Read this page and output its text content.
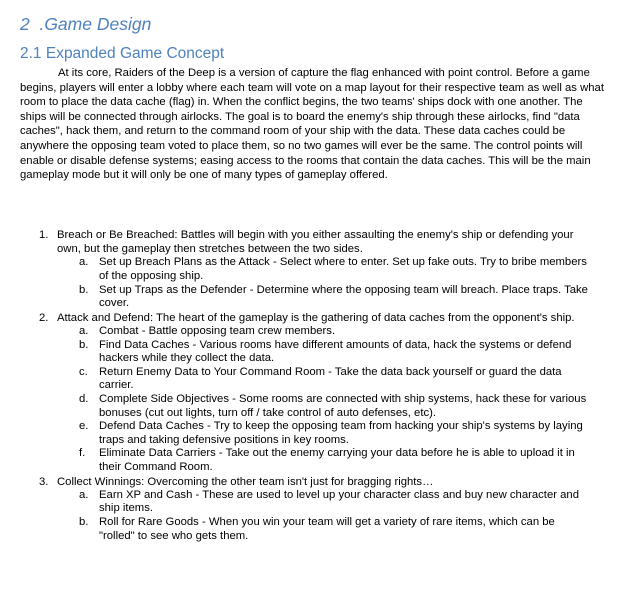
2  .Game Design
2.1 Expanded Game Concept
At its core, Raiders of the Deep is a version of capture the flag enhanced with point control. Before a game begins, players will enter a lobby where each team will vote on a map layout for their respective team as well as what room to place the data cache (flag) in. When the conflict begins, the two teams' ships dock with one another. The ships will be connected through airlocks. The goal is to board the enemy's ship through these airlocks, find "data caches", hack them, and return to the command room of your ship with the data. These data caches could be anywhere the opposing team voted to place them, so no two games will ever be the same. The control points will enable or disable defense systems; easing access to the rooms that contain the data caches. This will be the main gameplay mode but it will only be one of many types of gameplay offered.
1. Breach or Be Breached: Battles will begin with you either assaulting the enemy's ship or defending your own, but the gameplay then stretches between the two sides.
a. Set up Breach Plans as the Attack - Select where to enter. Set up fake outs. Try to bribe members of the opposing ship.
b. Set up Traps as the Defender - Determine where the opposing team will breach. Place traps. Take cover.
2. Attack and Defend: The heart of the gameplay is the gathering of data caches from the opponent's ship.
a. Combat - Battle opposing team crew members.
b. Find Data Caches - Various rooms have different amounts of data, hack the systems or defend hackers while they collect the data.
c. Return Enemy Data to Your Command Room - Take the data back yourself or guard the data carrier.
d. Complete Side Objectives - Some rooms are connected with ship systems, hack these for various bonuses (cut out lights, turn off / take control of auto defenses, etc).
e. Defend Data Caches - Try to keep the opposing team from hacking your ship's systems by laying traps and taking defensive positions in key rooms.
f. Eliminate Data Carriers - Take out the enemy carrying your data before he is able to upload it in their Command Room.
3. Collect Winnings: Overcoming the other team isn't just for bragging rights…
a. Earn XP and Cash - These are used to level up your character class and buy new character and ship items.
b. Roll for Rare Goods - When you win your team will get a variety of rare items, which can be "rolled" to see who gets them.
